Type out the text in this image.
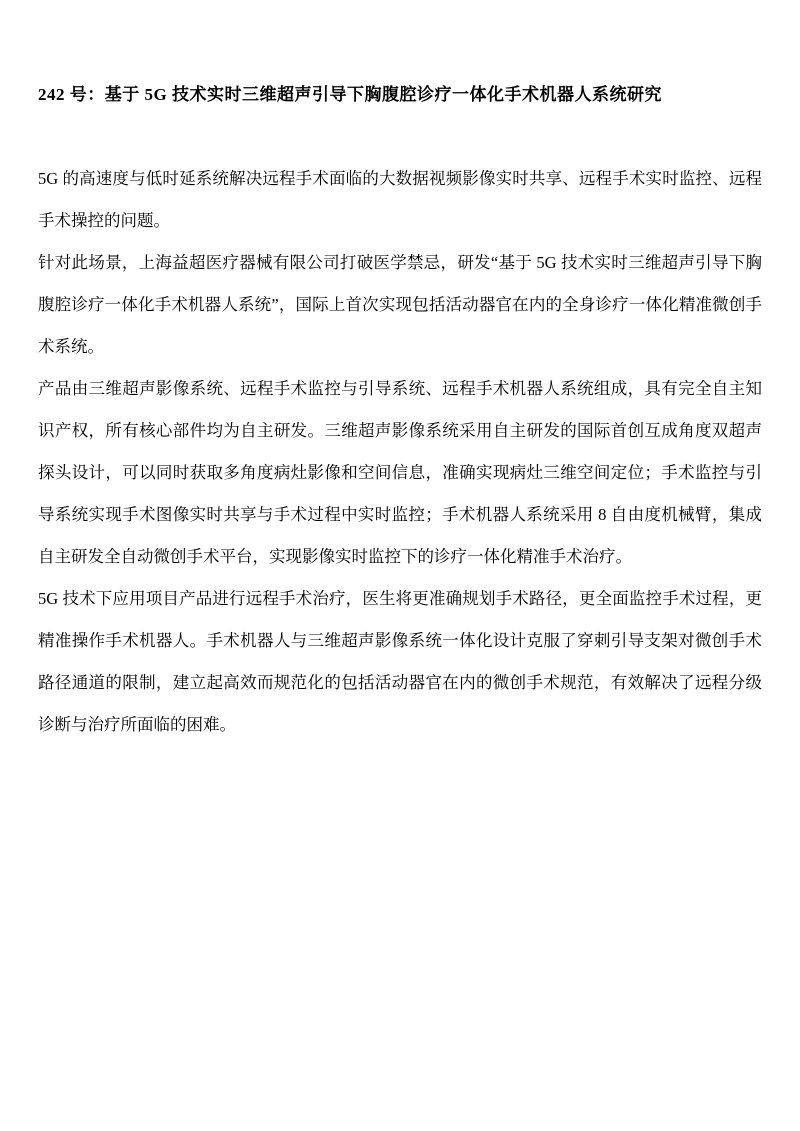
242 号：基于 5G 技术实时三维超声引导下胸腹腔诊疗一体化手术机器人系统研究

5G 的高速度与低时延系统解决远程手术面临的大数据视频影像实时共享、远程手术实时监控、远程手术操控的问题。

针对此场景，上海益超医疗器械有限公司打破医学禁忌，研发“基于 5G 技术实时三维超声引导下胸腹腔诊疗一体化手术机器人系统”，国际上首次实现包括活动器官在内的全身诊疗一体化精准微创手术系统。

产品由三维超声影像系统、远程手术监控与引导系统、远程手术机器人系统组成，具有完全自主知识产权，所有核心部件均为自主研发。三维超声影像系统采用自主研发的国际首创互成角度双超声探头设计，可以同时获取多角度病灶影像和空间信息，准确实现病灶三维空间定位；手术监控与引导系统实现手术图像实时共享与手术过程中实时监控；手术机器人系统采用 8 自由度机械臂，集成自主研发全自动微创手术平台，实现影像实时监控下的诊疗一体化精准手术治疗。

5G 技术下应用项目产品进行远程手术治疗，医生将更准确规划手术路径，更全面监控手术过程，更精准操作手术机器人。手术机器人与三维超声影像系统一体化设计克服了穿刺引导支架对微创手术路径通道的限制，建立起高效而规范化的包括活动器官在内的微创手术规范，有效解决了远程分级诊断与治疗所面临的困难。
